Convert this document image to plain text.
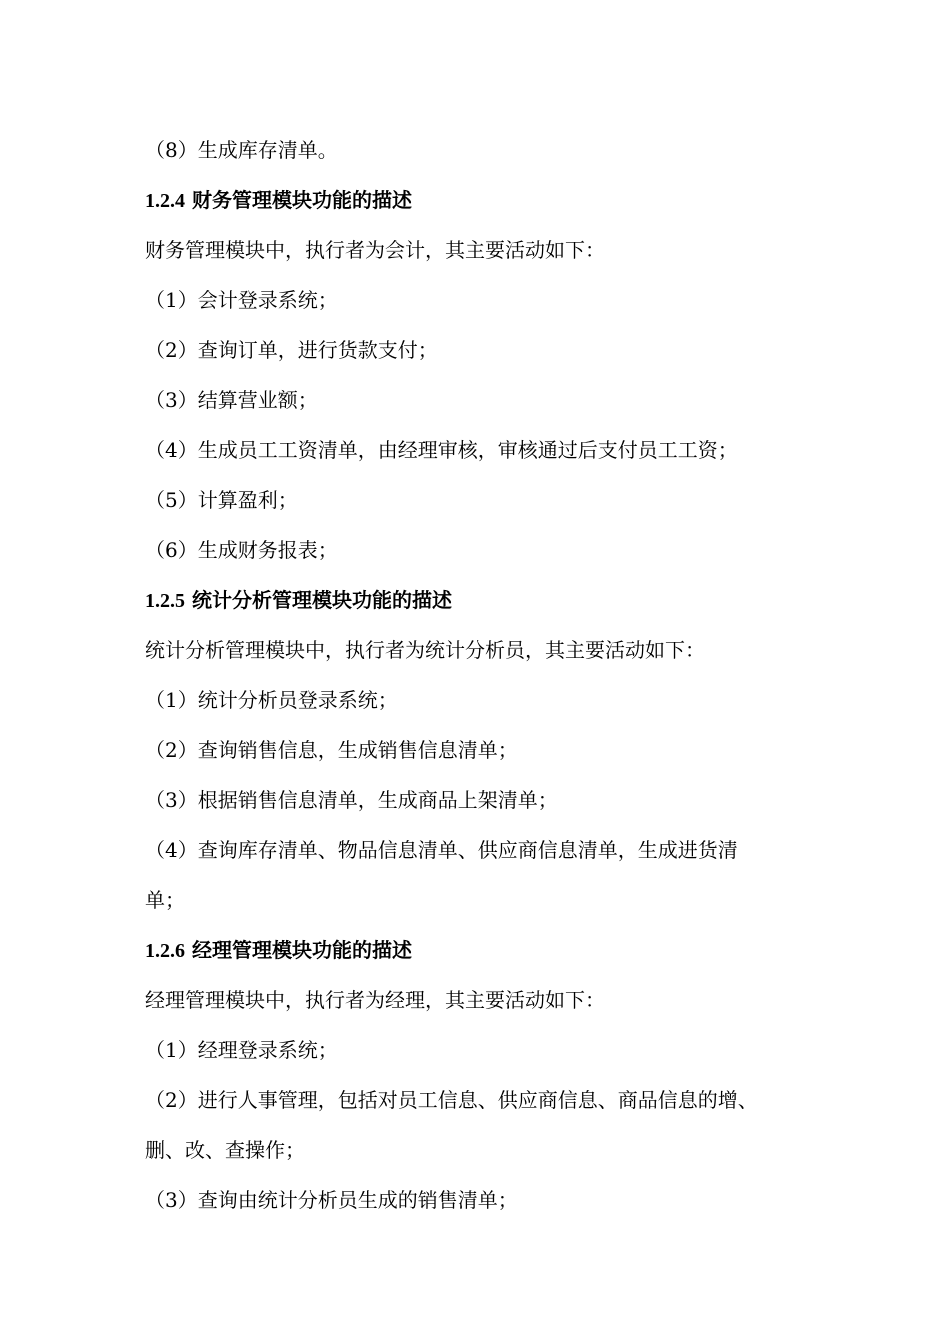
（8）生成库存清单。

1.2.4 财务管理模块功能的描述

财务管理模块中，执行者为会计，其主要活动如下：

（1）会计登录系统；

（2）查询订单，进行货款支付；

（3）结算营业额；

（4）生成员工工资清单，由经理审核，审核通过后支付员工工资；

（5）计算盈利；

（6）生成财务报表；

1.2.5 统计分析管理模块功能的描述

统计分析管理模块中，执行者为统计分析员，其主要活动如下：

（1）统计分析员登录系统；

（2）查询销售信息，生成销售信息清单；

（3）根据销售信息清单，生成商品上架清单；

（4）查询库存清单、物品信息清单、供应商信息清单，生成进货清

单；

1.2.6 经理管理模块功能的描述

经理管理模块中，执行者为经理，其主要活动如下：

（1）经理登录系统；

（2）进行人事管理，包括对员工信息、供应商信息、商品信息的增、

删、改、查操作；

（3）查询由统计分析员生成的销售清单；
